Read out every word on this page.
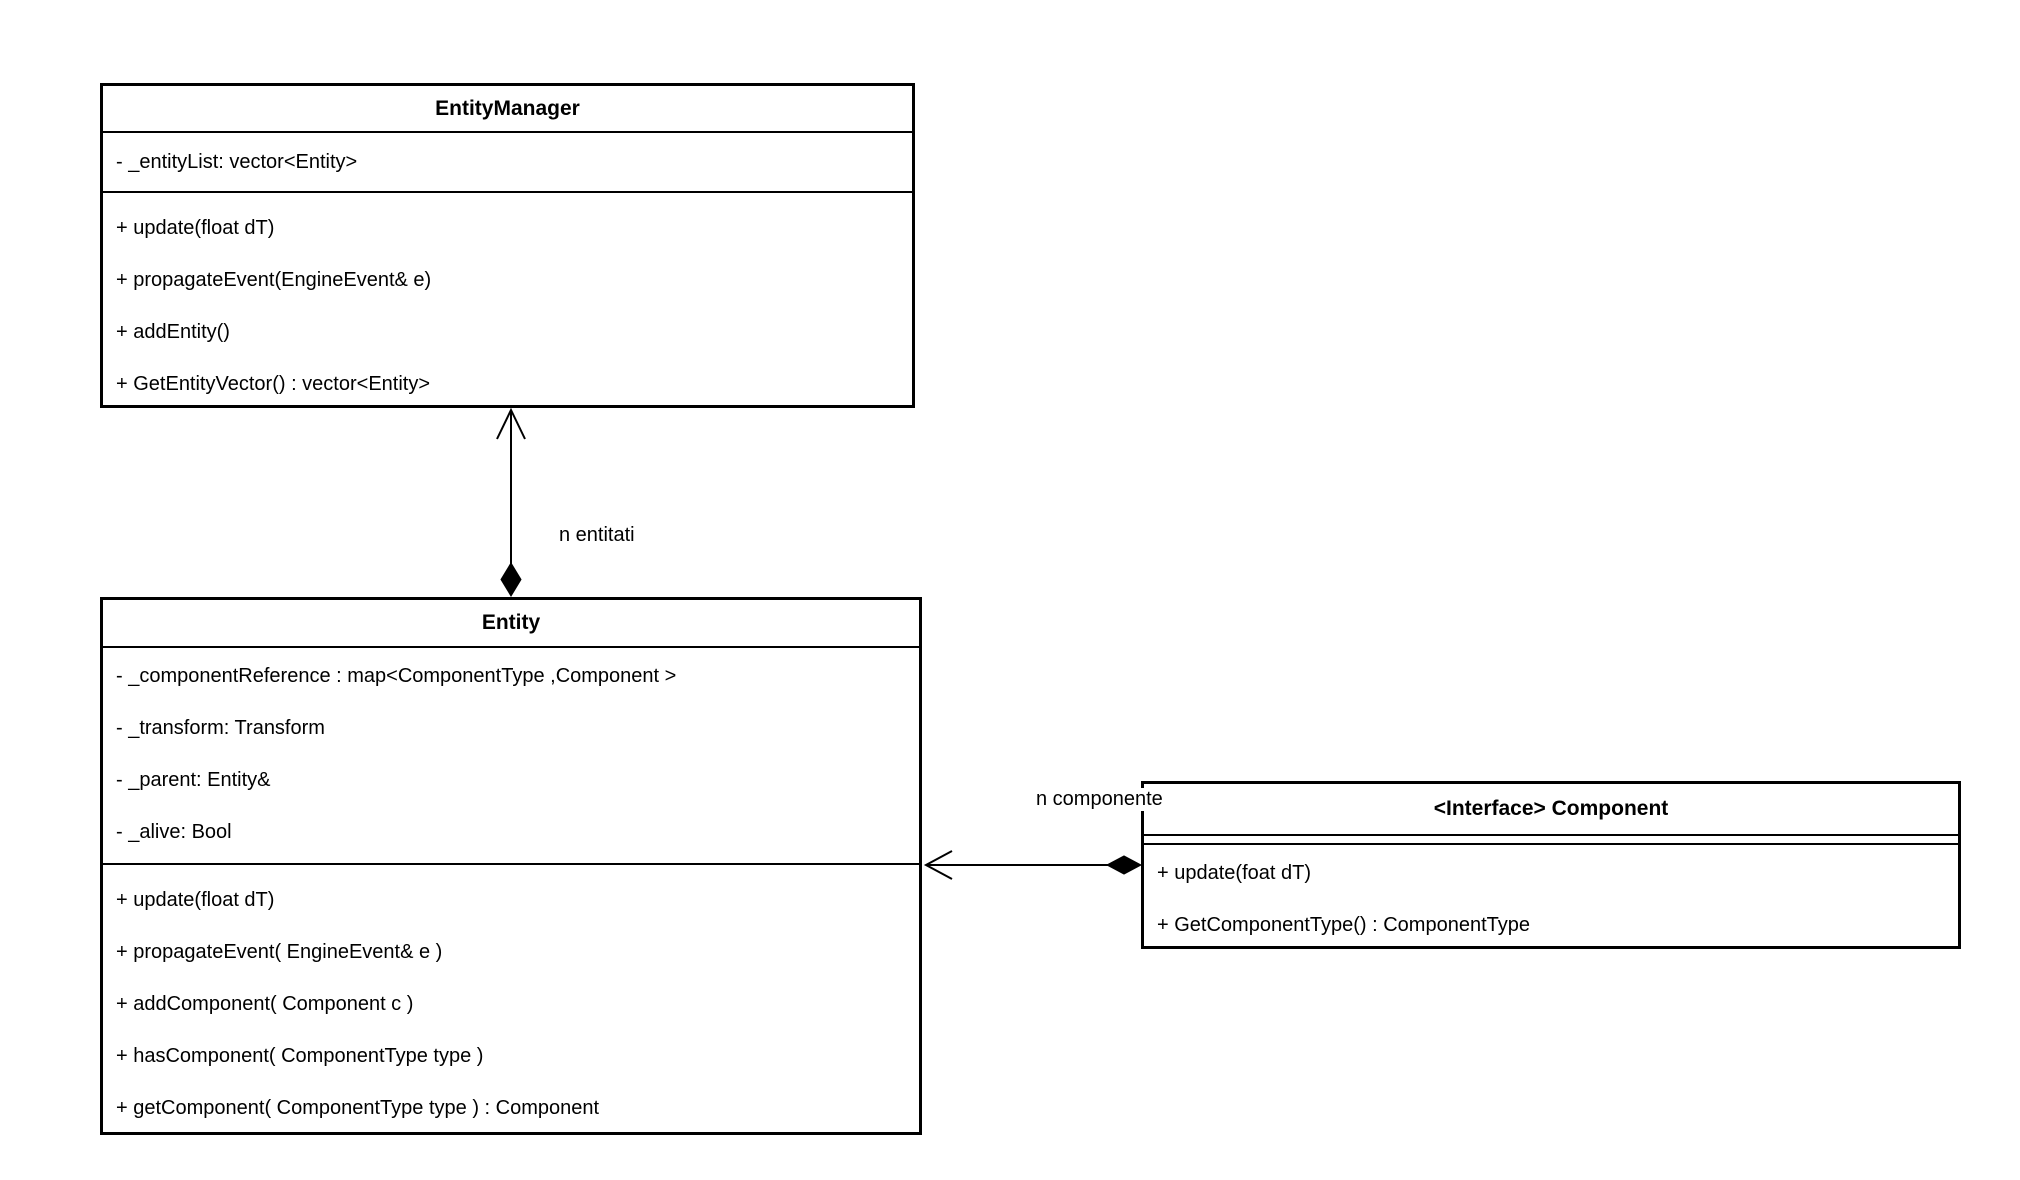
EntityManager
- _entityList: vector<Entity>
+ update(float dT)
+ propagateEvent(EngineEvent& e)
+ addEntity()
+ GetEntityVector() : vector<Entity>
Entity
- _componentReference : map<ComponentType ,Component >
- _transform: Transform
- _parent: Entity&
- _alive: Bool
+ update(float dT)
+ propagateEvent( EngineEvent& e )
+ addComponent( Component c )
+ hasComponent( ComponentType type )
+ getComponent( ComponentType type ) : Component
<Interface> Component
+ update(foat dT)
+ GetComponentType() : ComponentType
n entitati
n componente
